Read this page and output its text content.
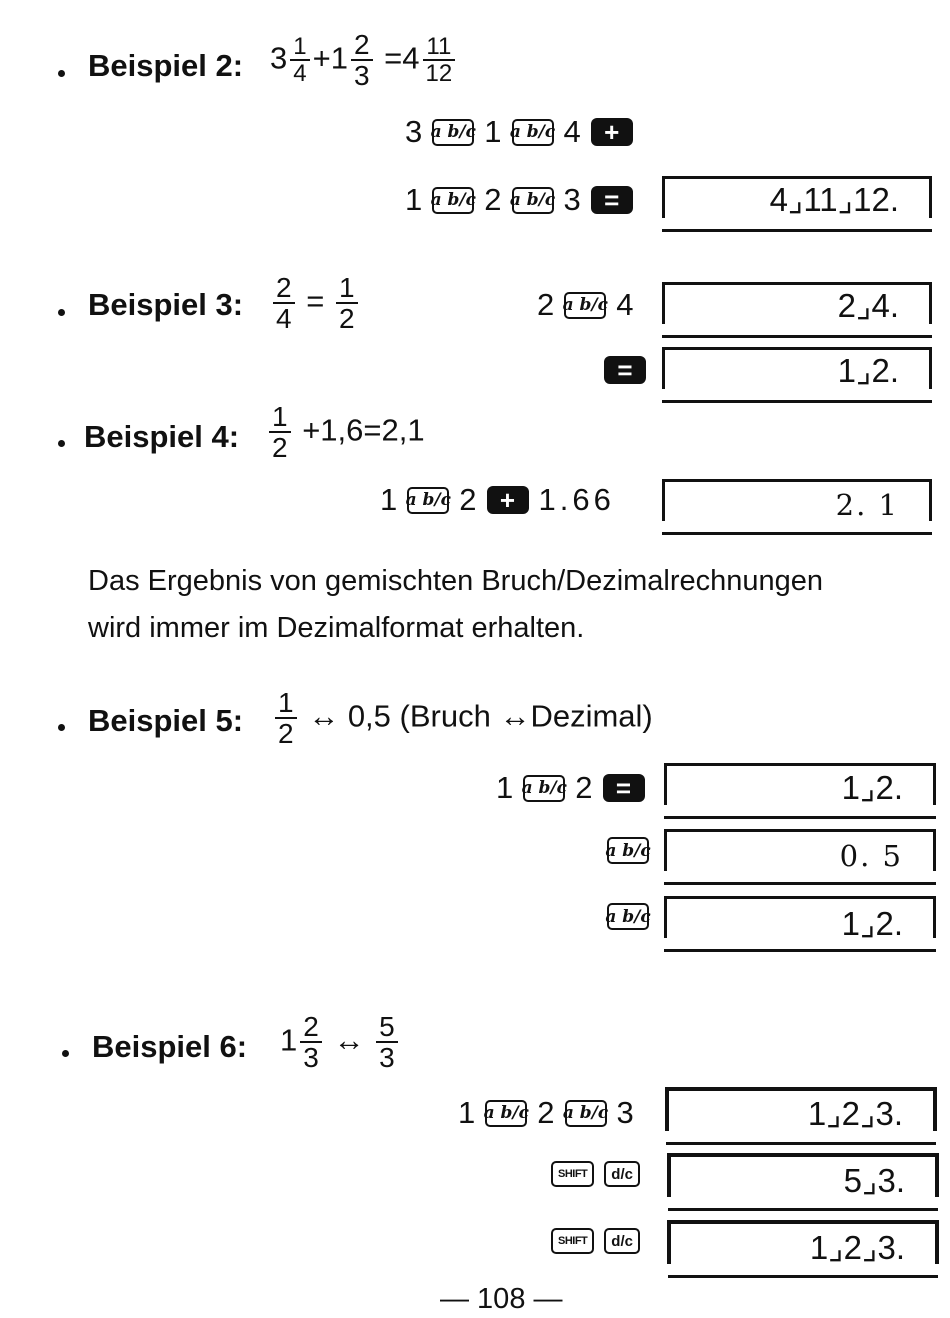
Beispiel 2: $3 \frac{1}{4} +1 \frac{2}{3} =4 \frac{11}{12}$
3 a b/c 1 a b/c 4 +
1 a b/c 2 a b/c 3 =	4⌟11⌟12.
Beispiel 3: $\frac{2}{4} = \frac{1}{2}$	2 a b/c 4	2⌟4.
=	1⌟2.
Beispiel 4: $\frac{1}{2} +1,6=2,1$
1 a b/c 2 + 1.66	2. 1
Das Ergebnis von gemischten Bruch/Dezimalrechnungen
wird immer im Dezimalformat erhalten.
Beispiel 5: $\frac{1}{2}$ ↔ 0,5 (Bruch ↔Dezimal)
1 a b/c 2 =	1⌟2.
a b/c	0. 5
a b/c	1⌟2.
Beispiel 6: $1 \frac{2}{3}$ ↔ $\frac{5}{3}$
1 a b/c 2 a b/c 3	1⌟2⌟3.
SHIFT	d/c	5⌟3.
SHIFT	d/c	1⌟2⌟3.
— 108 —
